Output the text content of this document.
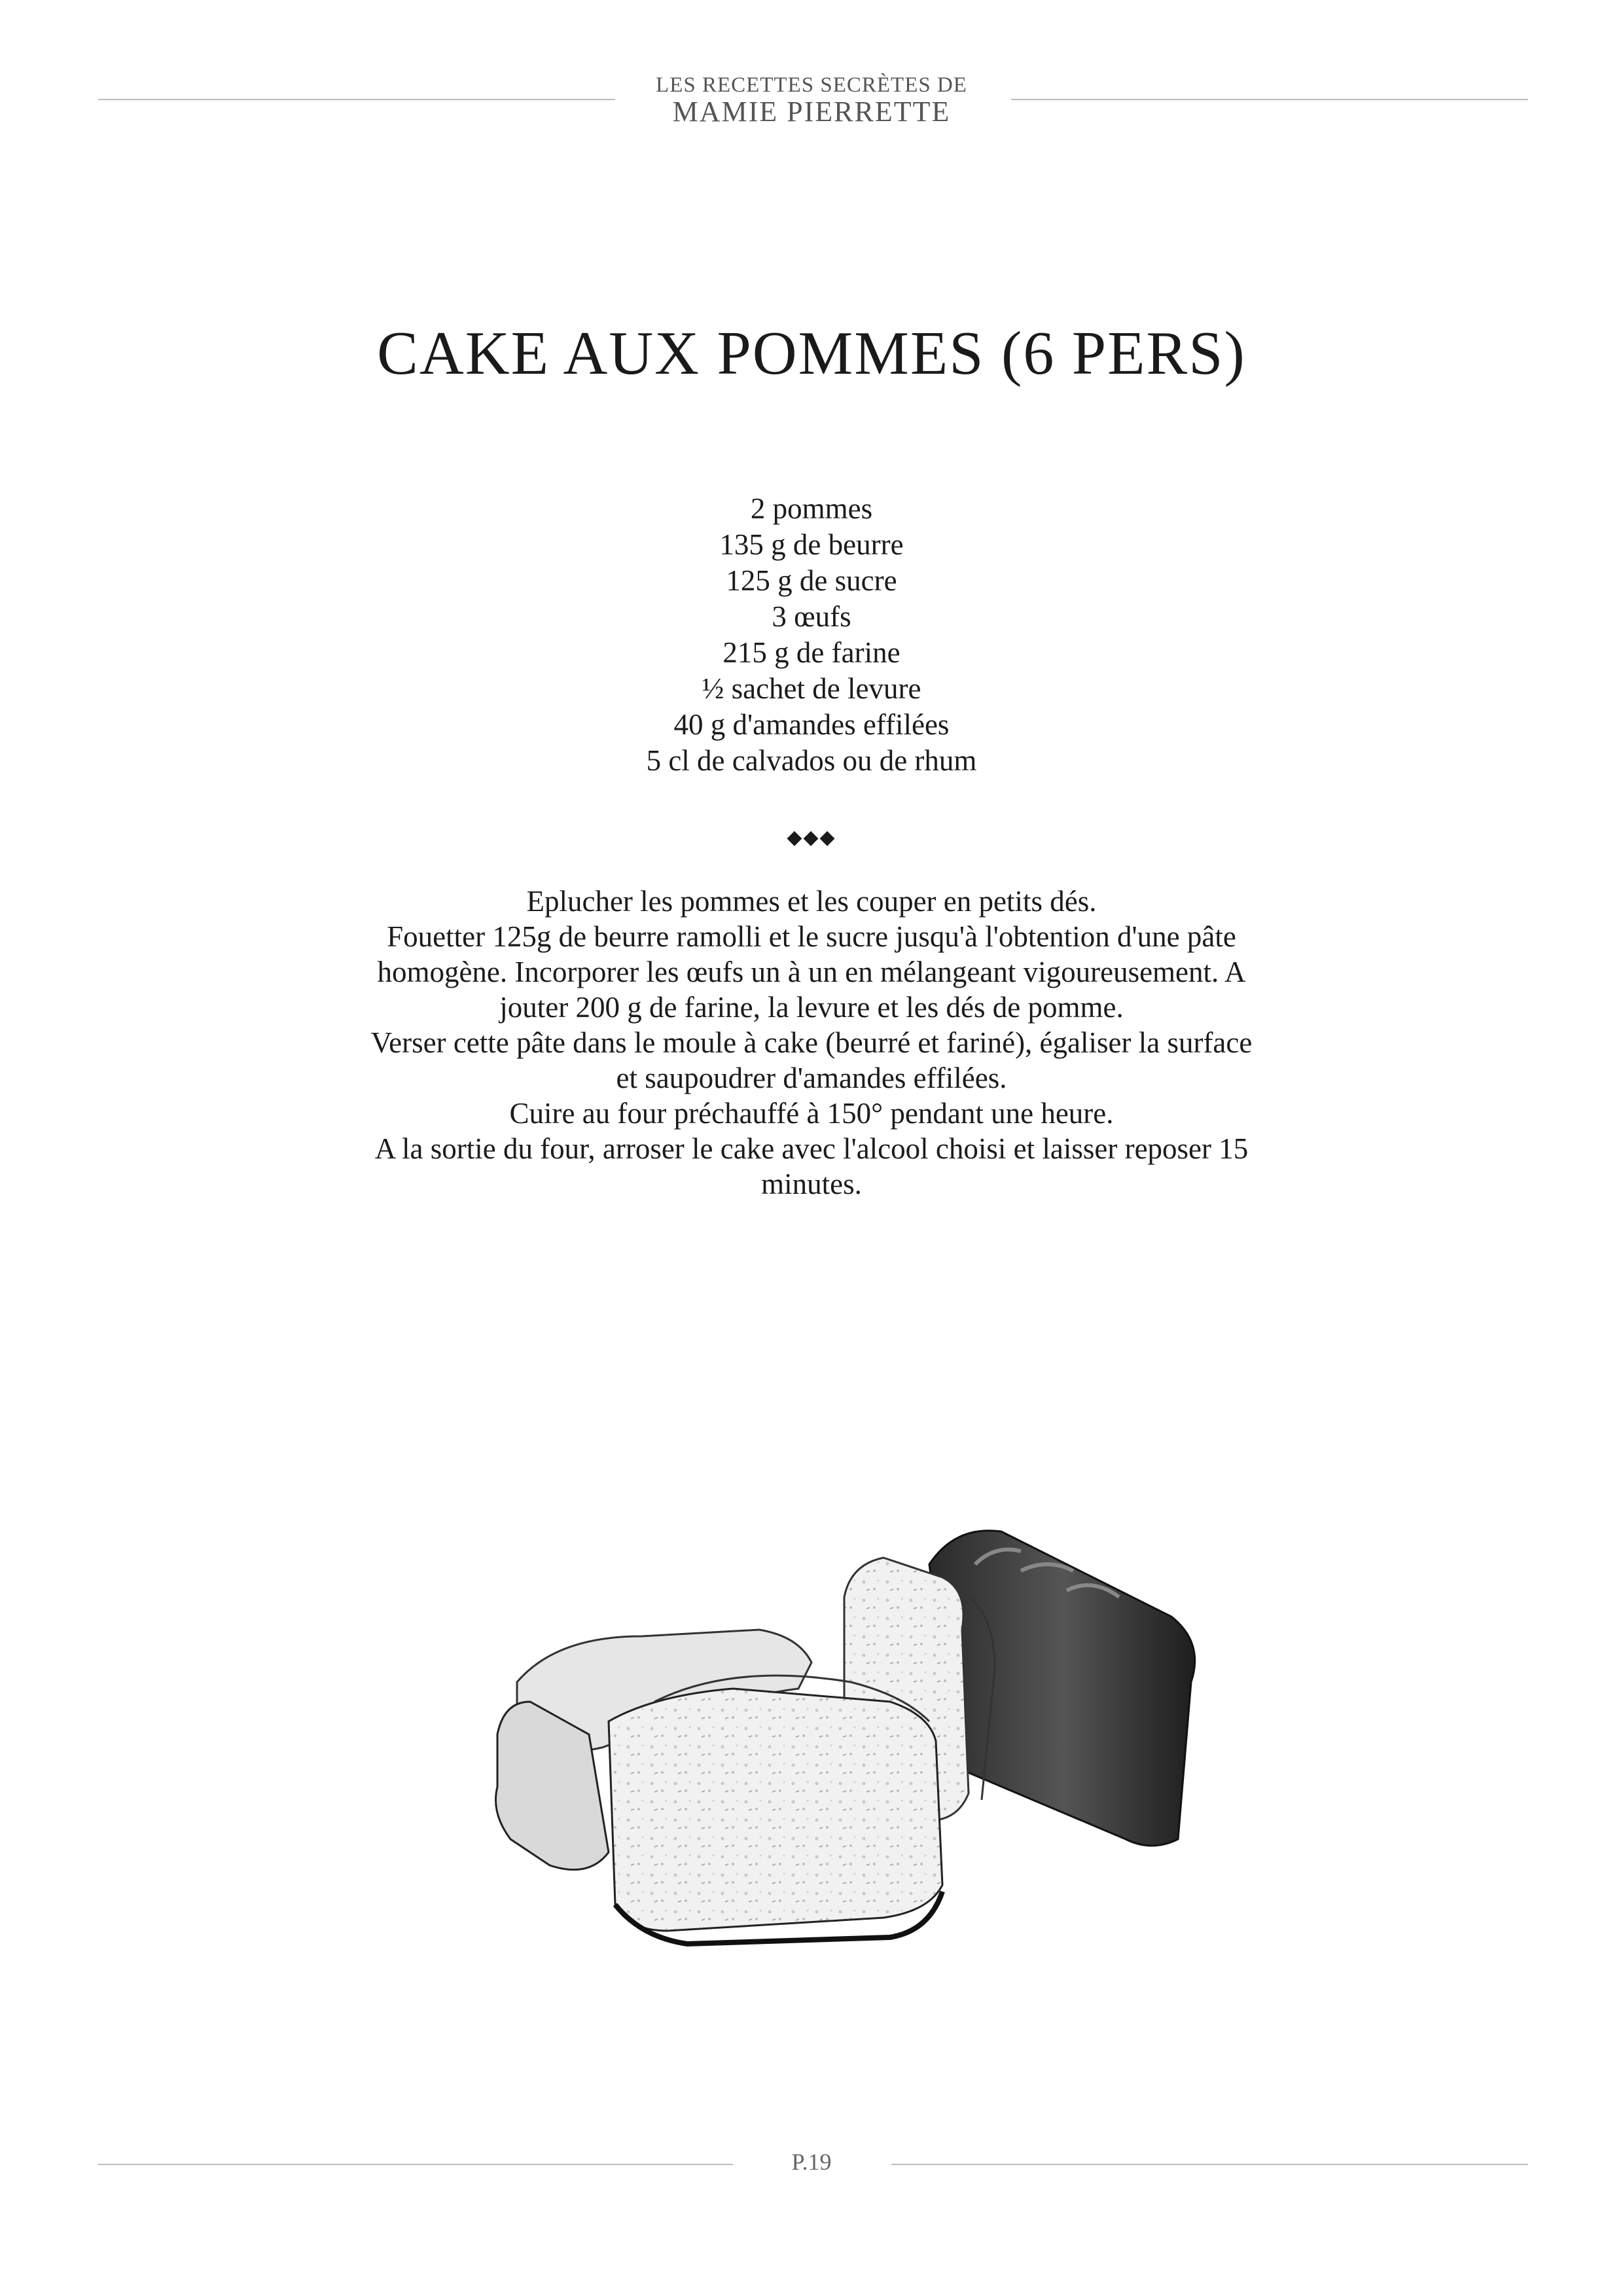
LES RECETTES SECRÈTES DE
MAMIE PIERRETTE
CAKE AUX POMMES (6 PERS)
2 pommes
135 g de beurre
125 g de sucre
3 œufs
215 g de farine
½ sachet de levure
40 g d'amandes effilées
5 cl de calvados ou de rhum
◆◆◆

Eplucher les pommes et les couper en petits dés.

Fouetter 125g de beurre ramolli et le sucre jusqu'à l'obtention d'une pâte homogène. Incorporer les œufs un à un en mélangeant vigoureusement. A jouter 200 g de farine, la levure et les dés de pomme.

Verser cette pâte dans le moule à cake (beurré et fariné), égaliser la surface et saupoudrer d'amandes effilées.

Cuire au four préchauffé à 150° pendant une heure.

A la sortie du four, arroser le cake avec l'alcool choisi et laisser reposer 15 minutes.

P.19
